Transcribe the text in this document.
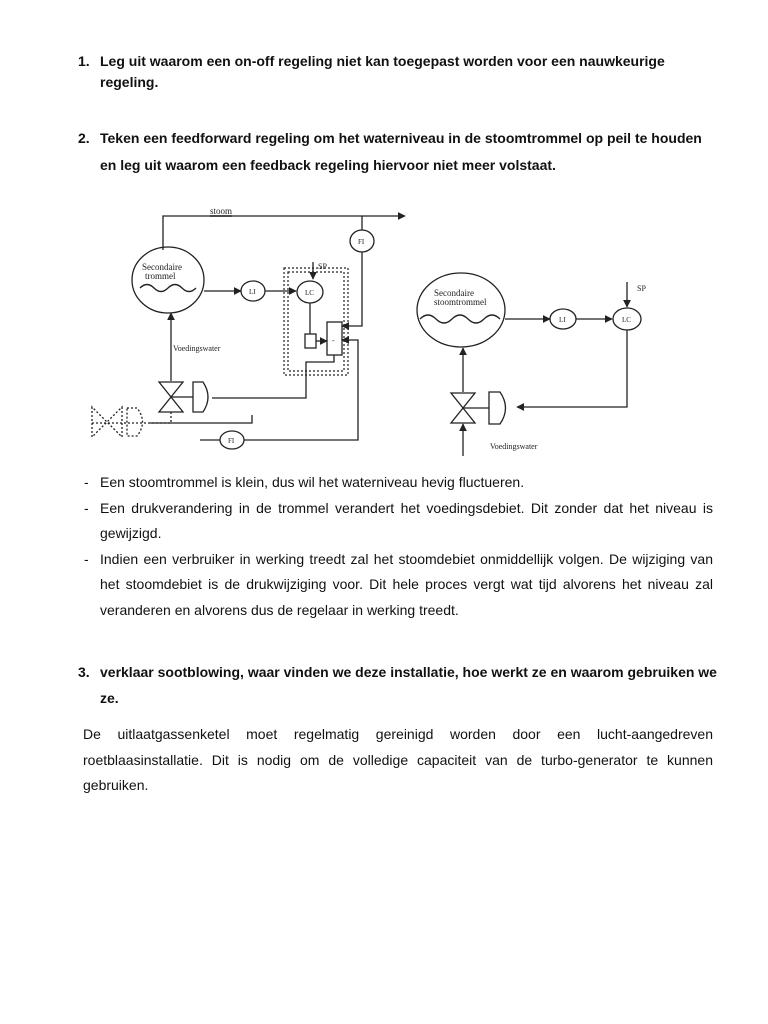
1. Leg uit waarom een on-off regeling niet kan toegepast worden voor een nauwkeurige regeling.
2. Teken een feedforward regeling om het waterniveau in de stoomtrommel op peil te houden en leg uit waarom een feedback regeling hiervoor niet meer volstaat.
stoom
Secondaire
trommel
LI	LC
SP
-
FI
Voedingswater
FI
Secondaire
stoomtrommel
LI	LC
SP
Voedingswater
- Een stoomtrommel is klein, dus wil het waterniveau hevig fluctueren.
- Een drukverandering in de trommel verandert het voedingsdebiet. Dit zonder dat het niveau is gewijzigd.
- Indien een verbruiker in werking treedt zal het stoomdebiet onmiddellijk volgen. De wijziging van het stoomdebiet is de drukwijziging voor. Dit hele proces vergt wat tijd alvorens het niveau zal veranderen en alvorens dus de regelaar in werking treedt.
3. verklaar sootblowing, waar vinden we deze installatie, hoe werkt ze en waarom gebruiken we ze.

De uitlaatgassenketel moet regelmatig gereinigd worden door een lucht-aangedreven roetblaasinstallatie. Dit is nodig om de volledige capaciteit van de turbo-generator te kunnen gebruiken.
